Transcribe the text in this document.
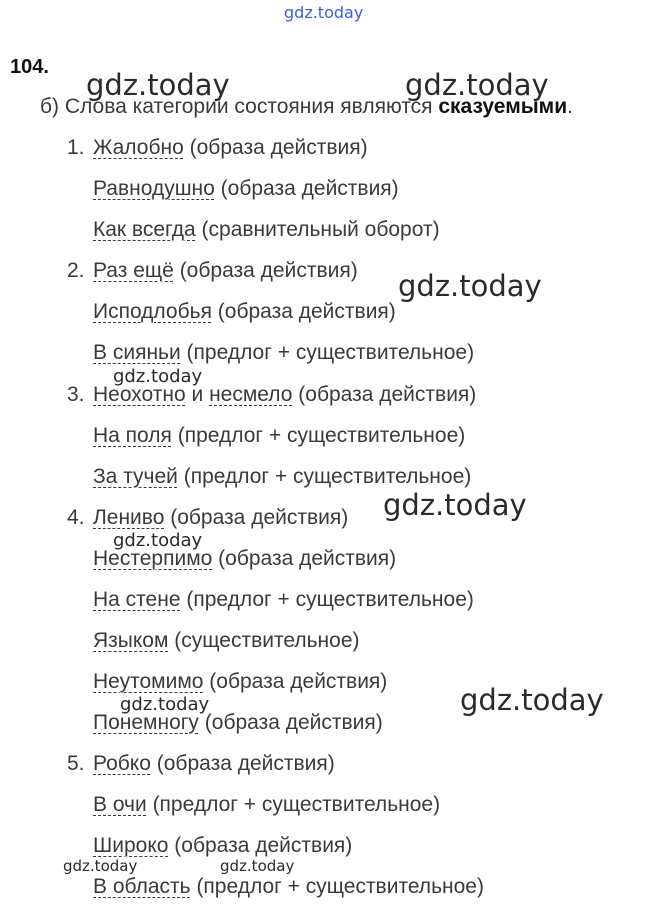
gdz.today
104.
б) Слова категории состояния являются сказуемыми.
1. Жалобно (образа действия)
Равнодушно (образа действия)
Как всегда (сравнительный оборот)
2. Раз ещё (образа действия)
Исподлобья (образа действия)
В сияньи (предлог + существительное)
3. Неохотно и несмело (образа действия)
На поля (предлог + существительное)
За тучей (предлог + существительное)
4. Лениво (образа действия)
Нестерпимо (образа действия)
На стене (предлог + существительное)
Языком (существительное)
Неутомимо (образа действия)
Понемногу (образа действия)
5. Робко (образа действия)
В очи (предлог + существительное)
Широко (образа действия)
В область (предлог + существительное)
gdz.today	gdz.today
gdz.today
gdz.today
gdz.today
gdz.today
gdz.today
gdz.today
gdz.today	gdz.today
